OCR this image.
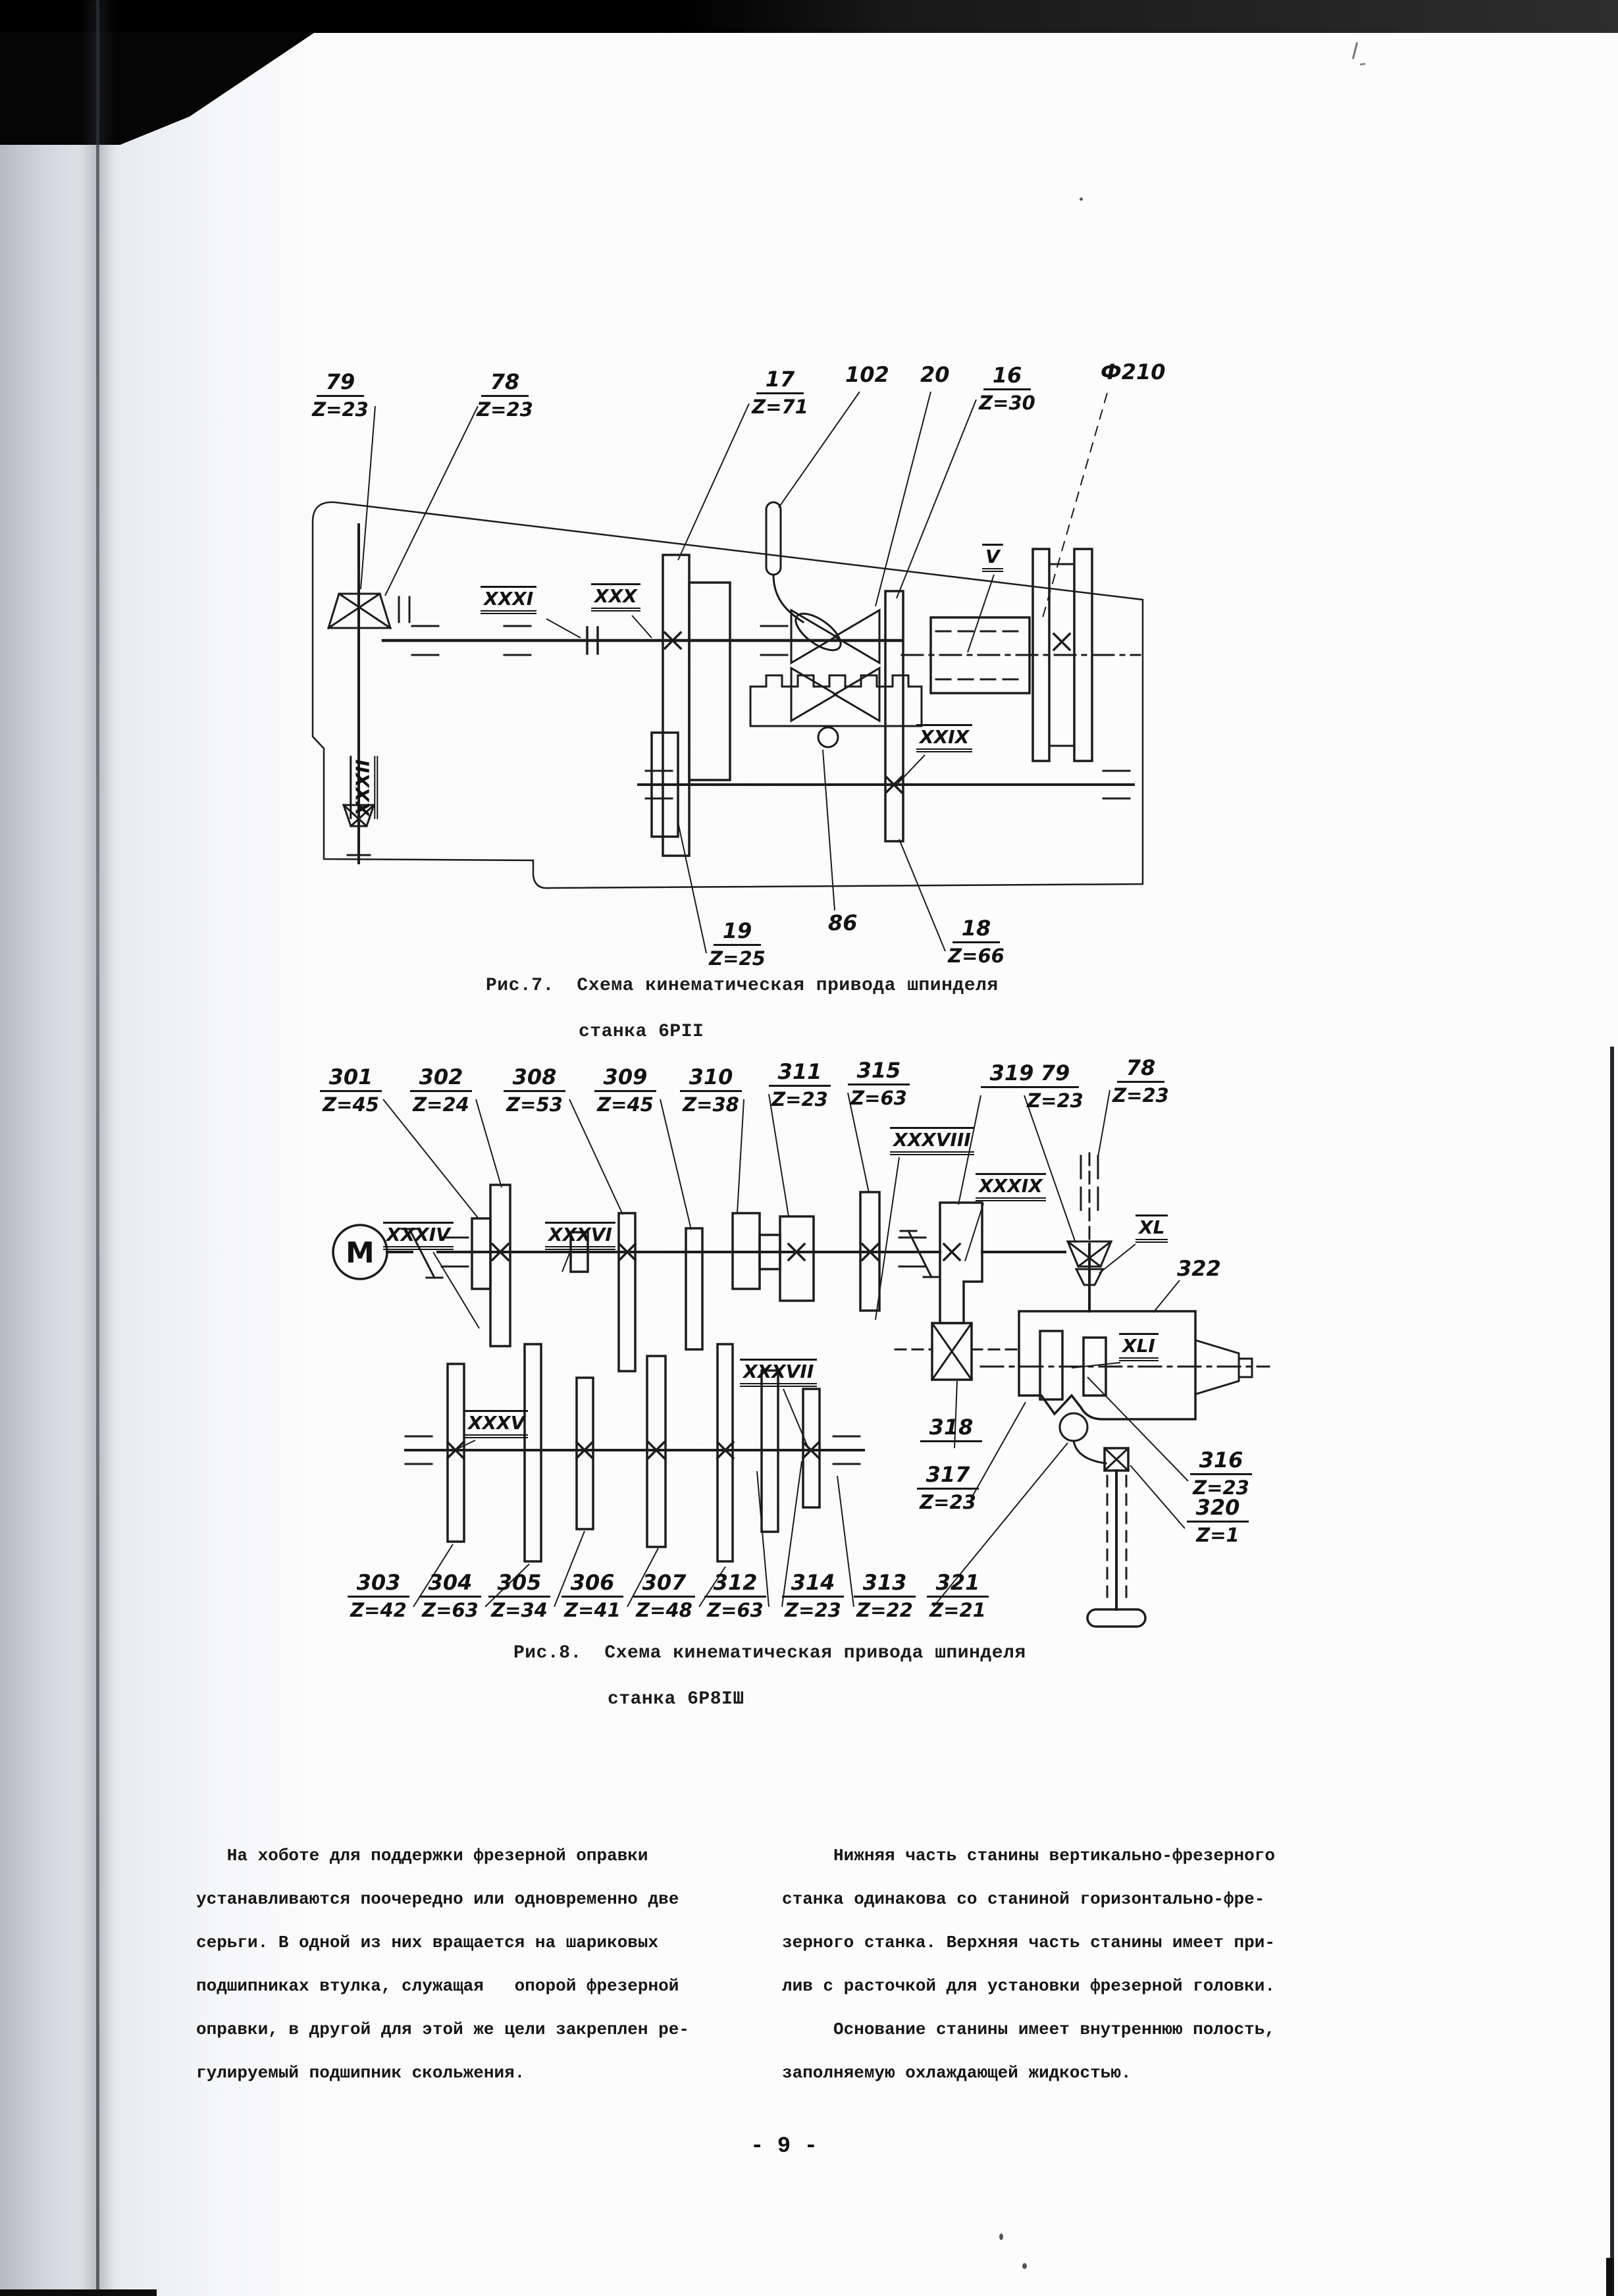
$\frac{79}{Z=23}$	$\frac{78}{Z=23}$	$\frac{17}{Z=71} 102$ $20 \frac{16}{Z=30}$	Ф210
$\frac{19}{Z=25}$	86	$\frac{18}{Z=66}$
XXXI	XXX
XXXII
XXIX
V
Рис.7.  Схема кинематическая привода шпинделя
станка 6РII
M
$\frac{301}{Z=45} \frac{302}{Z=24} \frac{308}{Z=53} \frac{309}{Z=45} \frac{310}{Z=38} \frac{311}{Z=23} \frac{315}{Z=63}$	319
$\frac{79}{Z=23} \frac{78}{Z=23}$
$\frac{303}{Z=42} \frac{304}{Z=63}$
$\frac{305}{Z=34} \frac{306}{Z=41} \frac{307}{Z=48}$
$\frac{312}{Z=63} \frac{314}{Z=23} \frac{313}{Z=22} \frac{321}{Z=21}$
322
318
$\frac{317}{Z=23}$	$\frac{316}{Z=23}$
$\frac{320}{Z=1}$
XXXIV	XXXVI
XXXVIII
XXXIX
XL
XLI
XXXV
XXXVII
Рис.8.  Схема кинематическая привода шпинделя
станка 6Р8IШ
На хоботе для поддержки фрезерной оправки
устанавливаются поочередно или одновременно две
серьги. В одной из них вращается на шариковых
подшипниках втулка, служащая   опорой фрезерной
оправки, в другой для этой же цели закреплен ре-
гулируемый подшипник скольжения.
Нижняя часть станины вертикально-фрезерного
станка одинакова со станиной горизонтально-фре-
зерного станка. Верхняя часть станины имеет при-
лив с расточкой для установки фрезерной головки.
Основание станины имеет внутреннюю полость,
заполняемую охлаждающей жидкостью.
- 9 -
